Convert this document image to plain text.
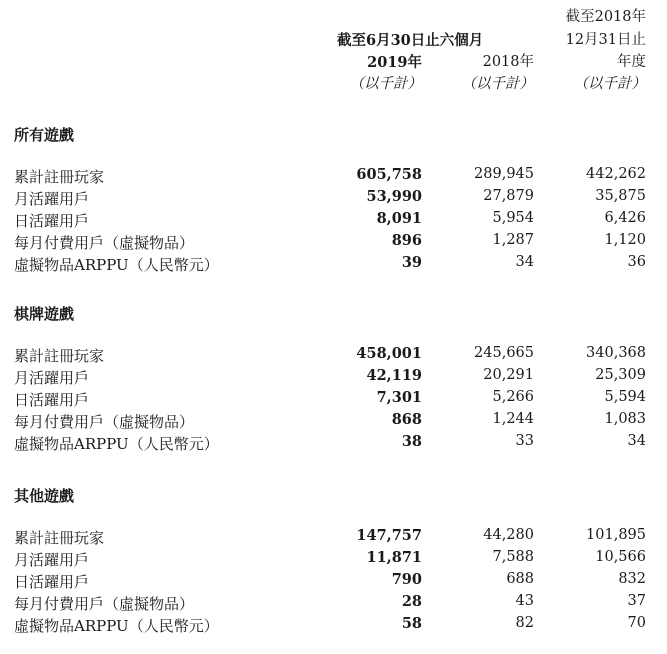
截至2018年
截至6月30日止六個月	12月31日止
2019年	2018年	年度
（以千計）	（以千計）	（以千計）
所有遊戲
累計註冊玩家	605,758	289,945	442,262
月活躍用戶	53,990	27,879	35,875
日活躍用戶	8,091	5,954	6,426
每月付費用戶（虛擬物品）	896	1,287	1,120
虛擬物品ARPPU（人民幣元）	39	34	36
棋牌遊戲
累計註冊玩家	458,001	245,665	340,368
月活躍用戶	42,119	20,291	25,309
日活躍用戶	7,301	5,266	5,594
每月付費用戶（虛擬物品）	868	1,244	1,083
虛擬物品ARPPU（人民幣元）	38	33	34
其他遊戲
累計註冊玩家	147,757	44,280	101,895
月活躍用戶	11,871	7,588	10,566
日活躍用戶	790	688	832
每月付費用戶（虛擬物品）	28	43	37
虛擬物品ARPPU（人民幣元）	58	82	70
